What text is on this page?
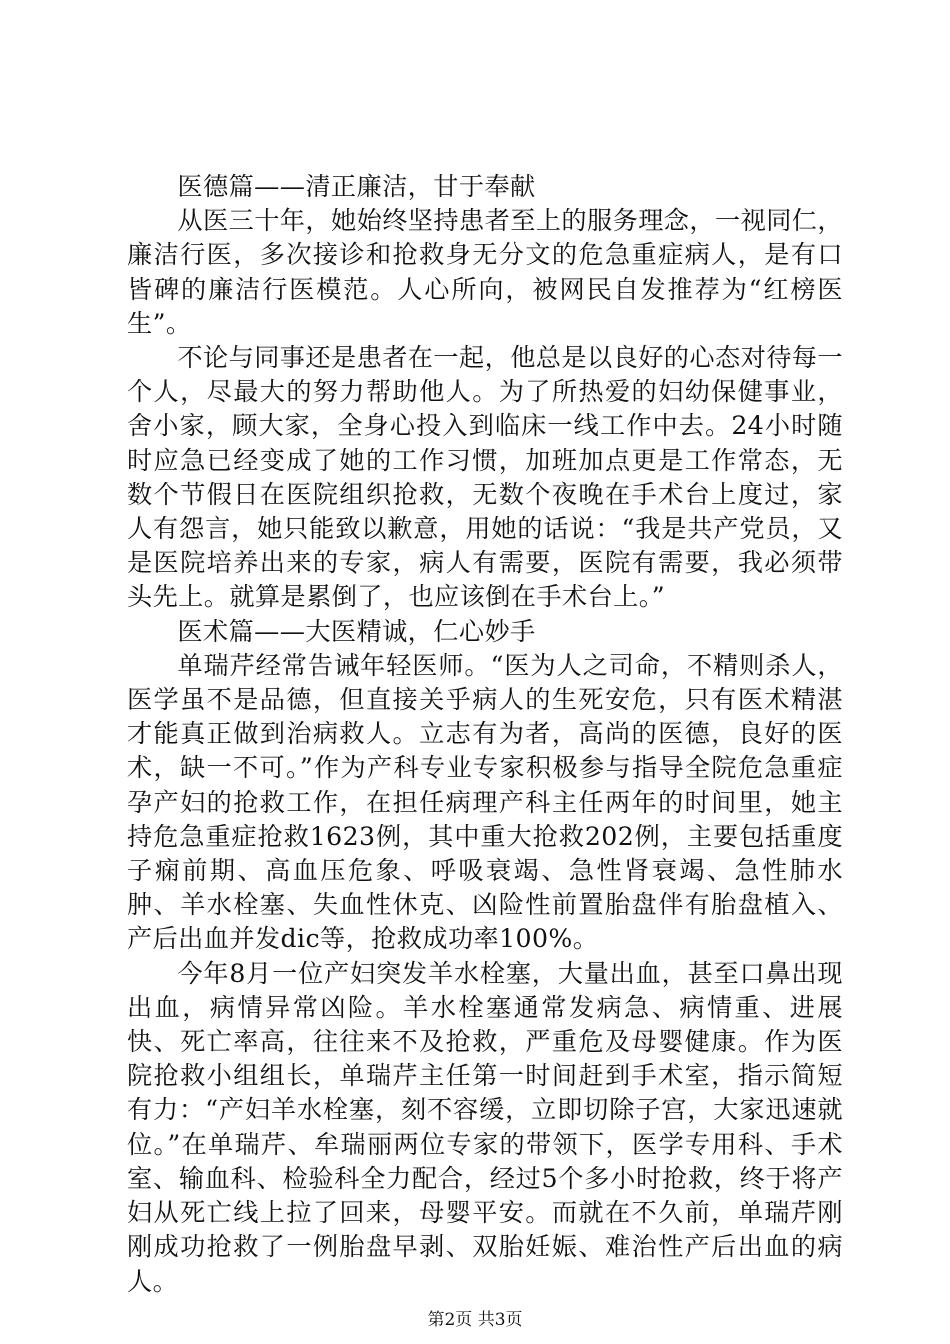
医德篇——清正廉洁，甘于奉献

从医三十年，她始终坚持患者至上的服务理念，一视同仁，廉洁行医，多次接诊和抢救身无分文的危急重症病人，是有口皆碑的廉洁行医模范。人心所向，被网民自发推荐为“红榜医生”。

不论与同事还是患者在一起，他总是以良好的心态对待每一个人，尽最大的努力帮助他人。为了所热爱的妇幼保健事业，舍小家，顾大家，全身心投入到临床一线工作中去。24小时随时应急已经变成了她的工作习惯，加班加点更是工作常态，无数个节假日在医院组织抢救，无数个夜晚在手术台上度过，家人有怨言，她只能致以歉意，用她的话说：“我是共产党员，又是医院培养出来的专家，病人有需要，医院有需要，我必须带头先上。就算是累倒了，也应该倒在手术台上。”

医术篇——大医精诚，仁心妙手

单瑞芹经常告诫年轻医师。“医为人之司命，不精则杀人，医学虽不是品德，但直接关乎病人的生死安危，只有医术精湛才能真正做到治病救人。立志有为者，高尚的医德，良好的医术，缺一不可。”作为产科专业专家积极参与指导全院危急重症孕产妇的抢救工作，在担任病理产科主任两年的时间里，她主持危急重症抢救1623例，其中重大抢救202例，主要包括重度子痫前期、高血压危象、呼吸衰竭、急性肾衰竭、急性肺水肿、羊水栓塞、失血性休克、凶险性前置胎盘伴有胎盘植入、产后出血并发dic等，抢救成功率100%。

今年8月一位产妇突发羊水栓塞，大量出血，甚至口鼻出现出血，病情异常凶险。羊水栓塞通常发病急、病情重、进展快、死亡率高，往往来不及抢救，严重危及母婴健康。作为医院抢救小组组长，单瑞芹主任第一时间赶到手术室，指示简短有力：“产妇羊水栓塞，刻不容缓，立即切除子宫，大家迅速就位。”在单瑞芹、牟瑞丽两位专家的带领下，医学专用科、手术室、输血科、检验科全力配合，经过5个多小时抢救，终于将产妇从死亡线上拉了回来，母婴平安。而就在不久前，单瑞芹刚刚成功抢救了一例胎盘早剥、双胎妊娠、难治性产后出血的病人。

第2页 共3页
